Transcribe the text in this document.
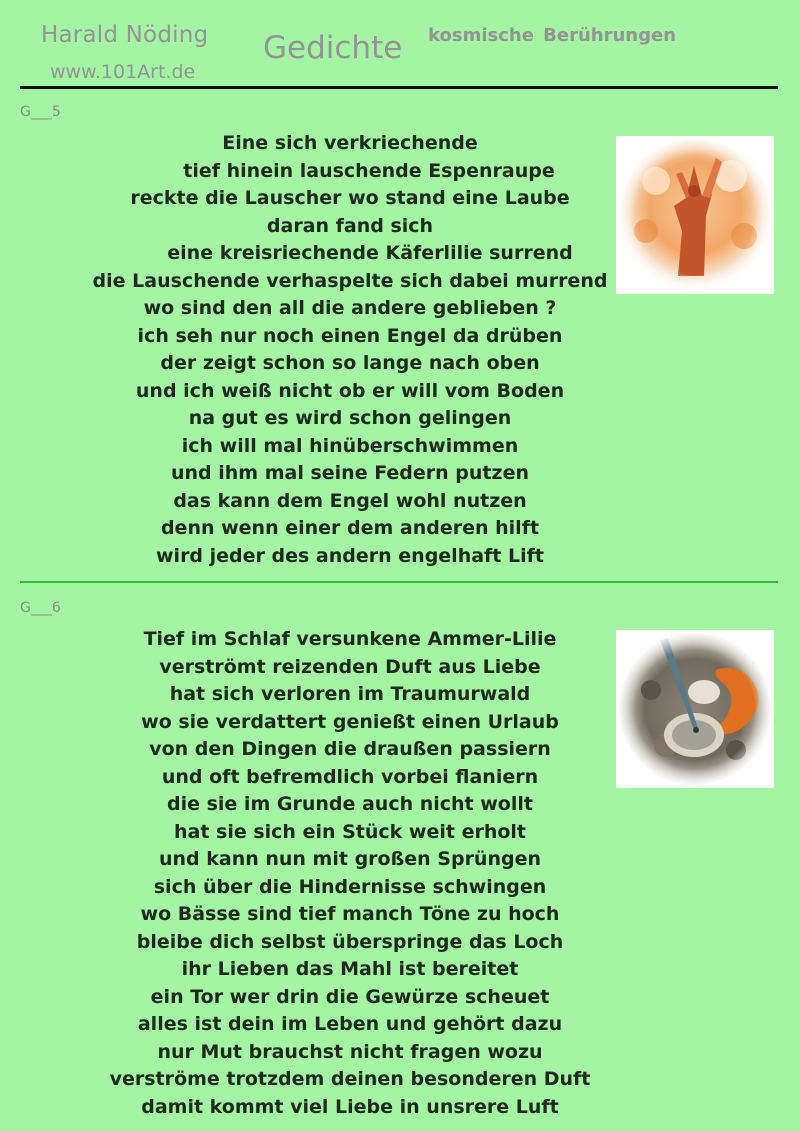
Harald Nöding
www.101Art.de
Gedichte kosmische Berührungen
G___5
Eine sich verkriechende
tief hinein lauschende Espenraupe
reckte die Lauscher wo stand eine Laube
daran fand sich
eine kreisriechende Käferlilie surrend
die Lauschende verhaspelte sich dabei murrend
wo sind den all die andere geblieben ?
ich seh nur noch einen Engel da drüben
der zeigt schon so lange nach oben
und ich weiß nicht ob er will vom Boden
na gut es wird schon gelingen
ich will mal hinüberschwimmen
und ihm mal seine Federn putzen
das kann dem Engel wohl nutzen
denn wenn einer dem anderen hilft
wird jeder des andern engelhaft Lift
G___6
Tief im Schlaf versunkene Ammer-Lilie
verströmt reizenden Duft aus Liebe
hat sich verloren im Traumurwald
wo sie verdattert genießt einen Urlaub
von den Dingen die draußen passiern
und oft befremdlich vorbei flaniern
die sie im Grunde auch nicht wollt
hat sie sich ein Stück weit erholt
und kann nun mit großen Sprüngen
sich über die Hindernisse schwingen
wo Bässe sind tief manch Töne zu hoch
bleibe dich selbst überspringe das Loch
ihr Lieben das Mahl ist bereitet
ein Tor wer drin die Gewürze scheuet
alles ist dein im Leben und gehört dazu
nur Mut brauchst nicht fragen wozu
verströme trotzdem deinen besonderen Duft
damit kommt viel Liebe in unsrere Luft
